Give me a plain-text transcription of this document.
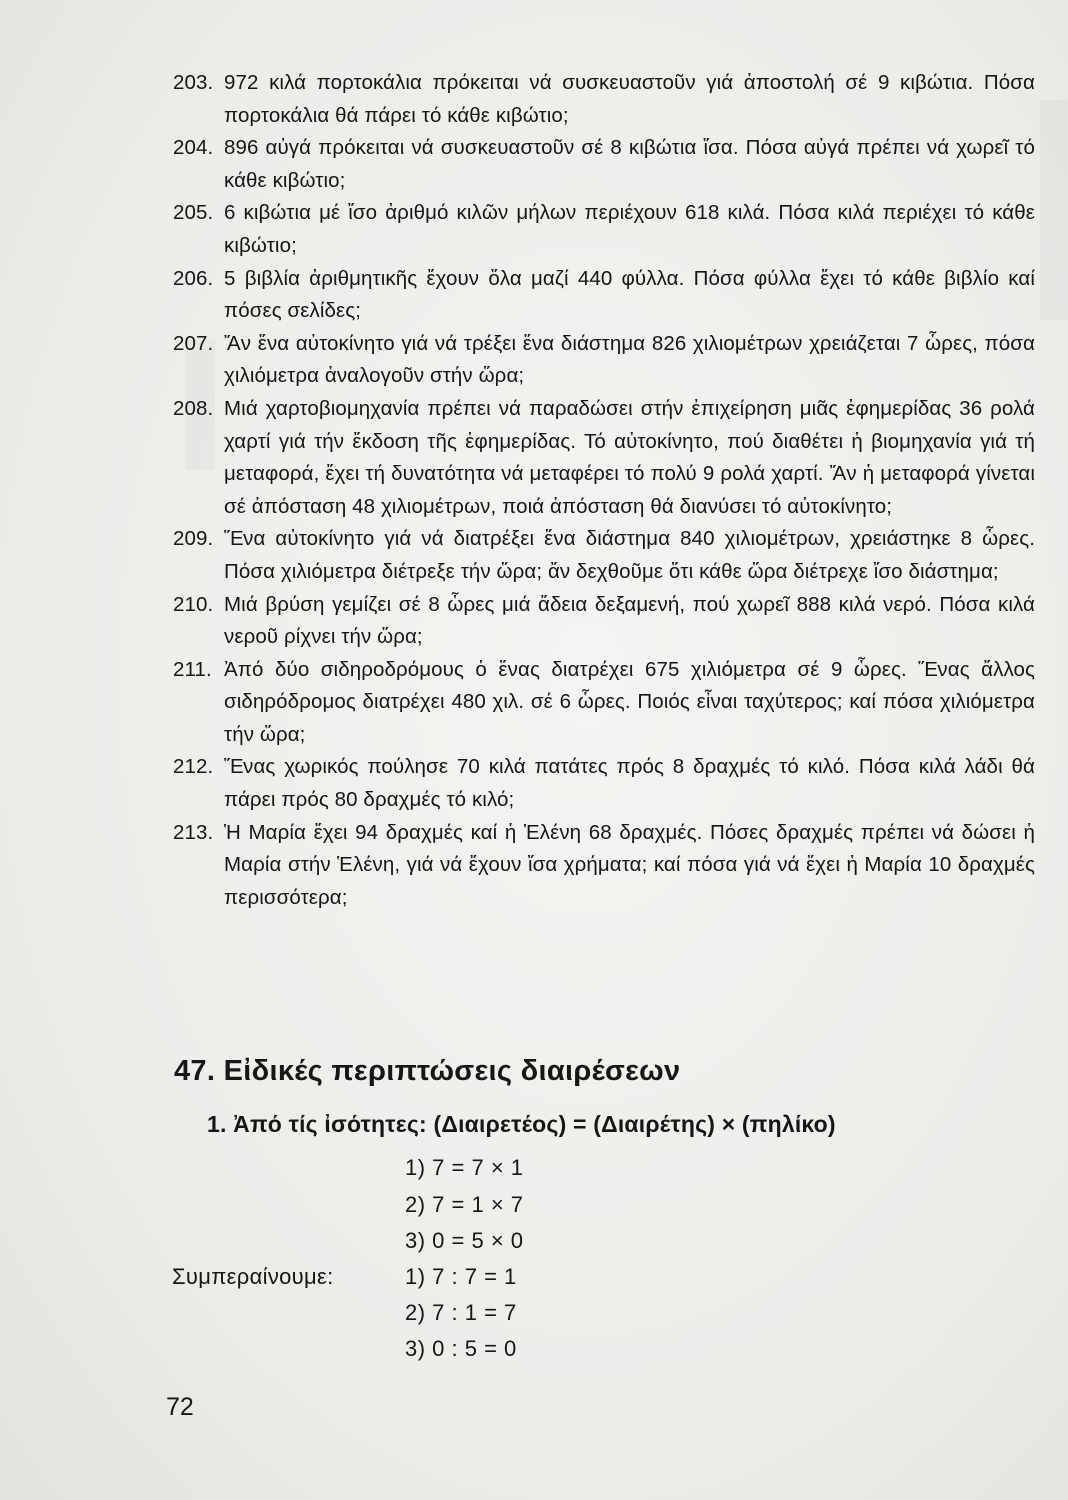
203. 972 κιλά πορτοκάλια πρόκειται νά συσκευαστοῦν γιά ἀποστολή σέ 9 κιβώτια. Πόσα πορτοκάλια θά πάρει τό κάθε κιβώτιο;
204. 896 αὐγά πρόκειται νά συσκευαστοῦν σέ 8 κιβώτια ἴσα. Πόσα αὐγά πρέπει νά χωρεῖ τό κάθε κιβώτιο;
205. 6 κιβώτια μέ ἴσο ἀριθμό κιλῶν μήλων περιέχουν 618 κιλά. Πόσα κιλά περιέχει τό κάθε κιβώτιο;
206. 5 βιβλία ἀριθμητικῆς ἔχουν ὅλα μαζί 440 φύλλα. Πόσα φύλλα ἔχει τό κάθε βιβλίο καί πόσες σελίδες;
207. Ἄν ἕνα αὐτοκίνητο γιά νά τρέξει ἕνα διάστημα 826 χιλιομέτρων χρειάζεται 7 ὧρες, πόσα χιλιόμετρα ἀναλογοῦν στήν ὥρα;
208. Μιά χαρτοβιομηχανία πρέπει νά παραδώσει στήν ἐπιχείρηση μιᾶς ἐφημερίδας 36 ρολά χαρτί γιά τήν ἔκδοση τῆς ἐφημερίδας. Τό αὐτοκίνητο, πού διαθέτει ἡ βιομηχανία γιά τή μεταφορά, ἔχει τή δυνατότητα νά μεταφέρει τό πολύ 9 ρολά χαρτί. Ἄν ἡ μεταφορά γίνεται σέ ἀπόσταση 48 χιλιομέτρων, ποιά ἀπόσταση θά διανύσει τό αὐτοκίνητο;
209. Ἕνα αὐτοκίνητο γιά νά διατρέξει ἕνα διάστημα 840 χιλιομέτρων, χρειάστηκε 8 ὧρες. Πόσα χιλιόμετρα διέτρεξε τήν ὥρα; ἄν δεχθοῦμε ὅτι κάθε ὥρα διέτρεχε ἴσο διάστημα;
210. Μιά βρύση γεμίζει σέ 8 ὧρες μιά ἄδεια δεξαμενή, πού χωρεῖ 888 κιλά νερό. Πόσα κιλά νεροῦ ρίχνει τήν ὥρα;
211. Ἀπό δύο σιδηροδρόμους ὁ ἕνας διατρέχει 675 χιλιόμετρα σέ 9 ὧρες. Ἕνας ἄλλος σιδηρόδρομος διατρέχει 480 χιλ. σέ 6 ὧρες. Ποιός εἶναι ταχύτερος; καί πόσα χιλιόμετρα τήν ὥρα;
212. Ἕνας χωρικός πούλησε 70 κιλά πατάτες πρός 8 δραχμές τό κιλό. Πόσα κιλά λάδι θά πάρει πρός 80 δραχμές τό κιλό;
213. Ἡ Μαρία ἔχει 94 δραχμές καί ἡ Ἑλένη 68 δραχμές. Πόσες δραχμές πρέπει νά δώσει ἡ Μαρία στήν Ἑλένη, γιά νά ἔχουν ἴσα χρήματα; καί πόσα γιά νά ἔχει ἡ Μαρία 10 δραχμές περισσότερα;
47. Εἰδικές περιπτώσεις διαιρέσεων
1. Ἀπό τίς ἰσότητες: (Διαιρετέος) = (Διαιρέτης) × (πηλίκο)
1) 7 = 7 × 1
2) 7 = 1 × 7
3) 0 = 5 × 0
Συμπεραίνουμε:	1) 7 : 7 = 1
2) 7 : 1 = 7
3) 0 : 5 = 0
72
